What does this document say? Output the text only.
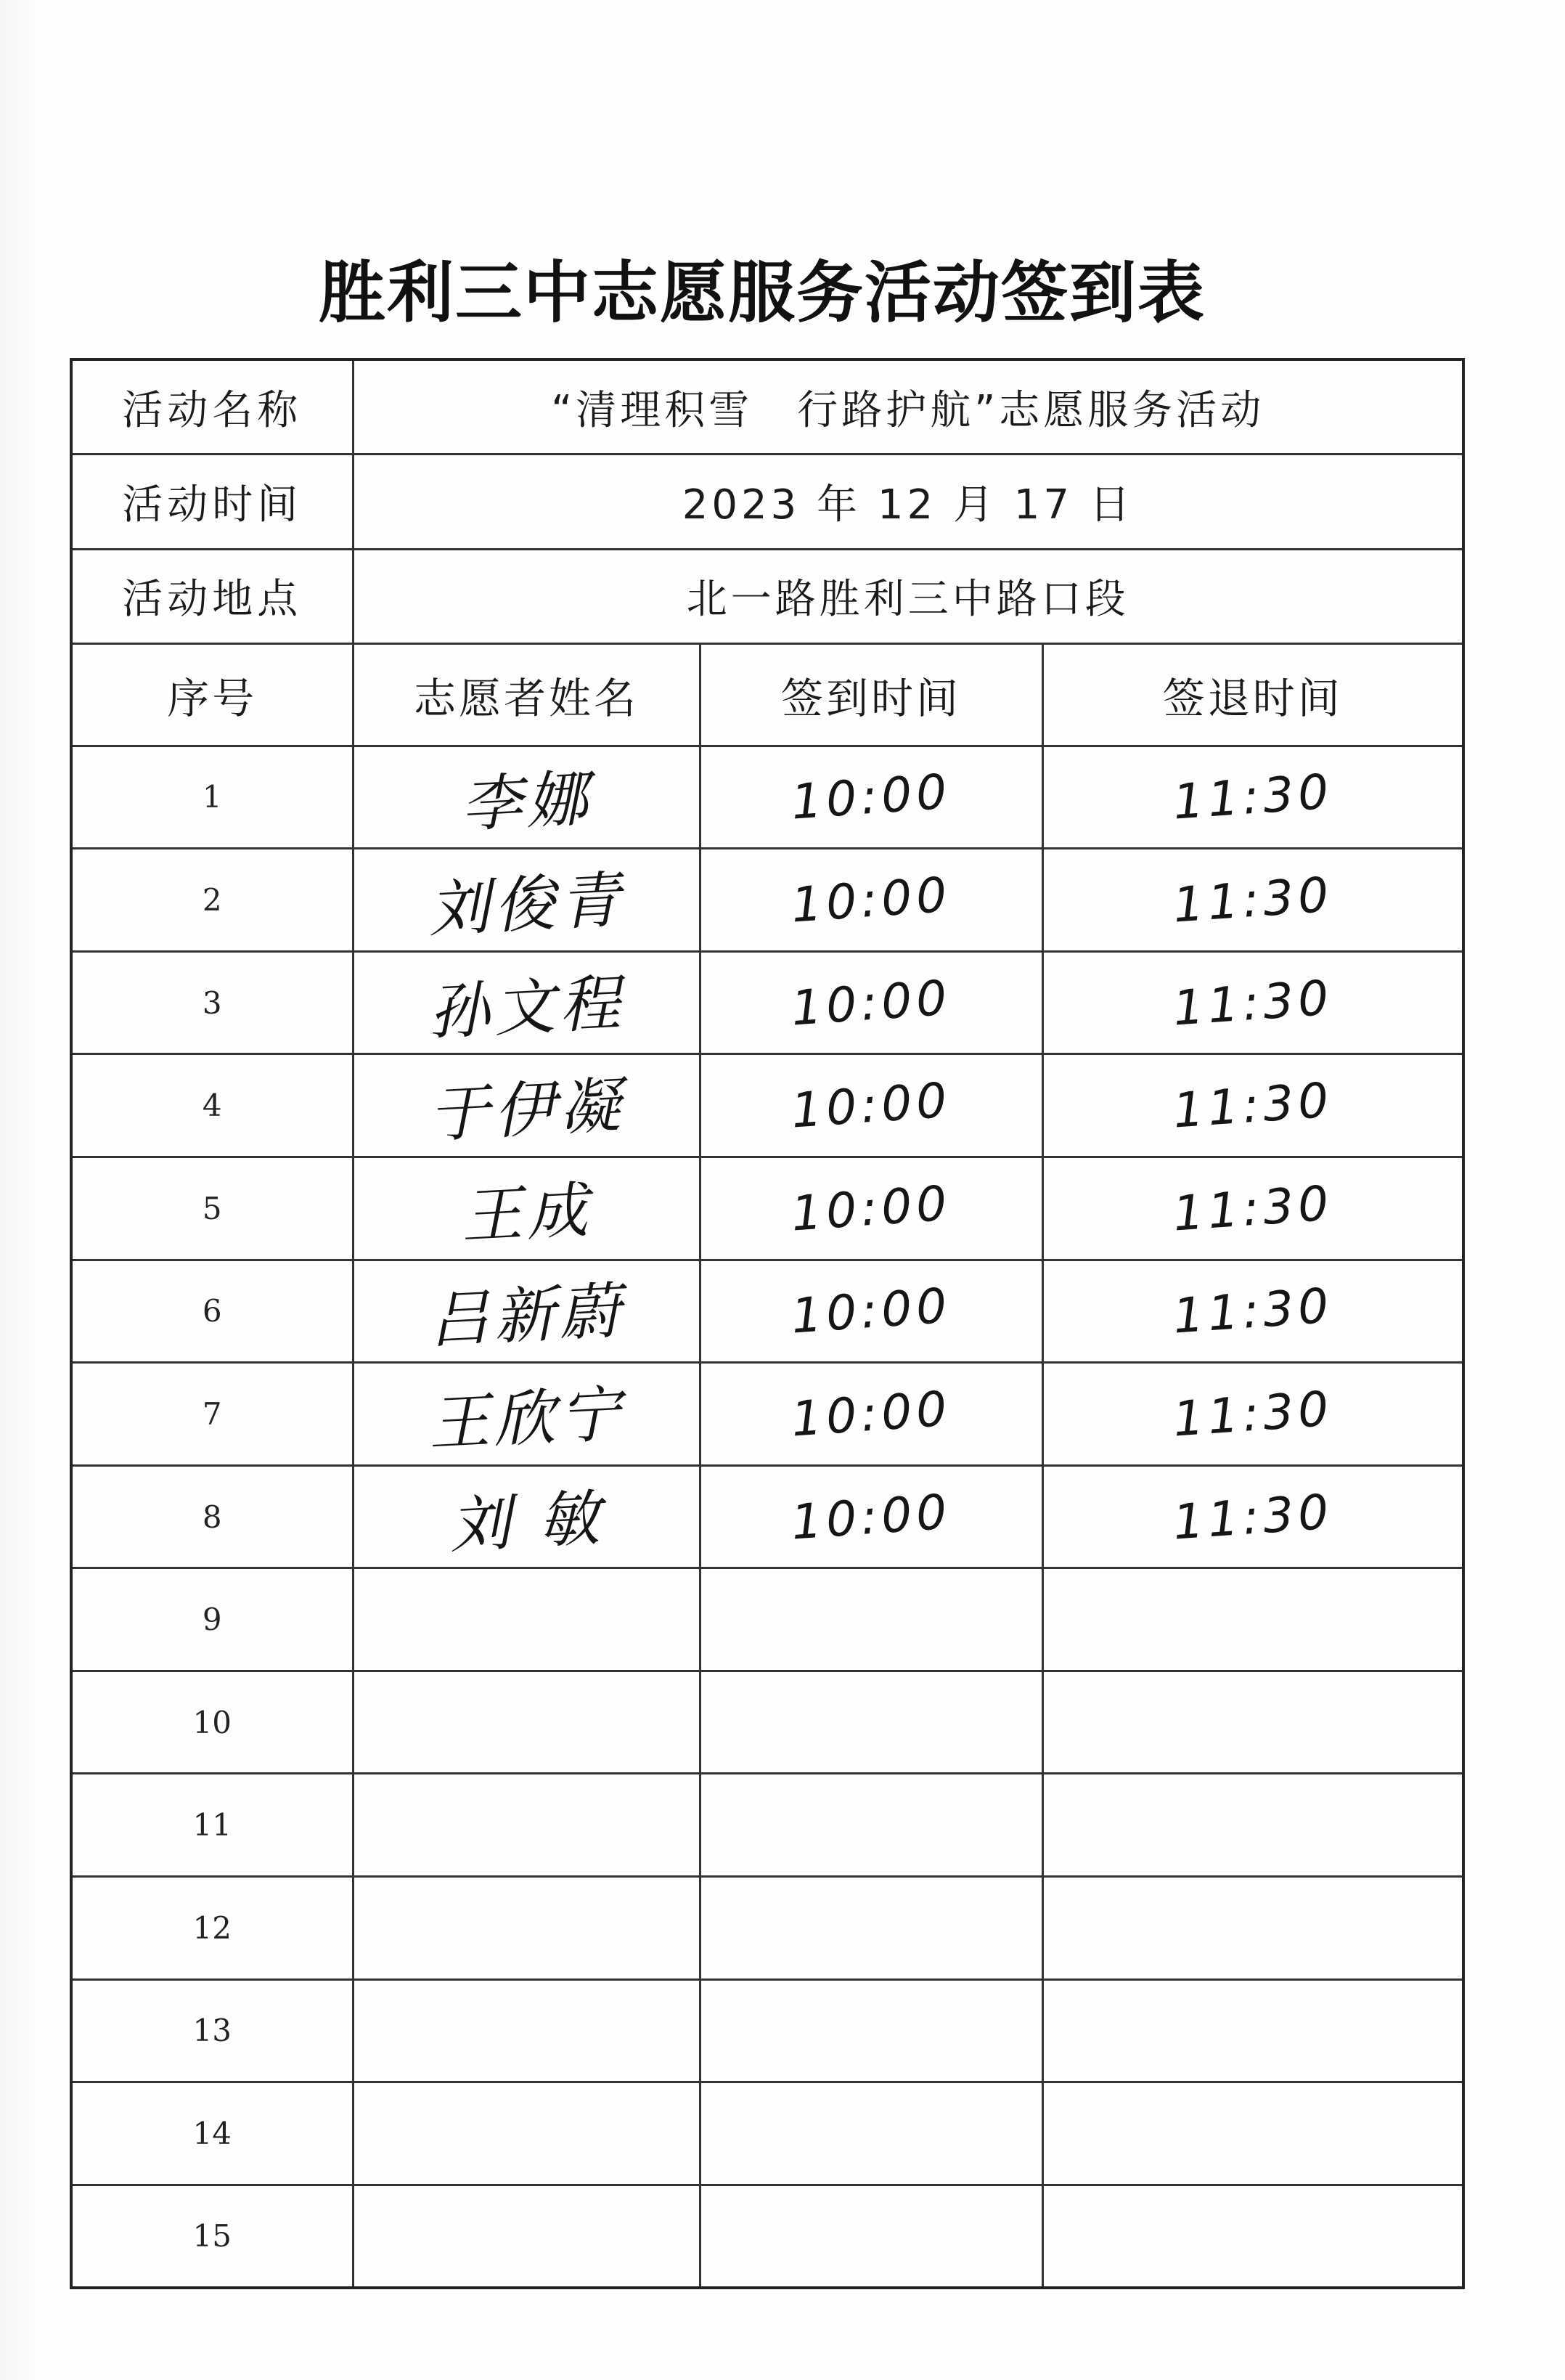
胜利三中志愿服务活动签到表
活动名称	“清理积雪　行路护航”志愿服务活动		
活动时间	2023 年 12 月 17 日		
活动地点	北一路胜利三中路口段		
序号	志愿者姓名	签到时间	签退时间
1	李娜	10:00	11:30
2	刘俊青	10:00	11:30
3	孙文程	10:00	11:30
4	于伊凝	10:00	11:30
5	王成	10:00	11:30
6	吕新蔚	10:00	11:30
7	王欣宁	10:00	11:30
8	刘 敏	10:00	11:30
9			
10			
11			
12			
13			
14			
15			
